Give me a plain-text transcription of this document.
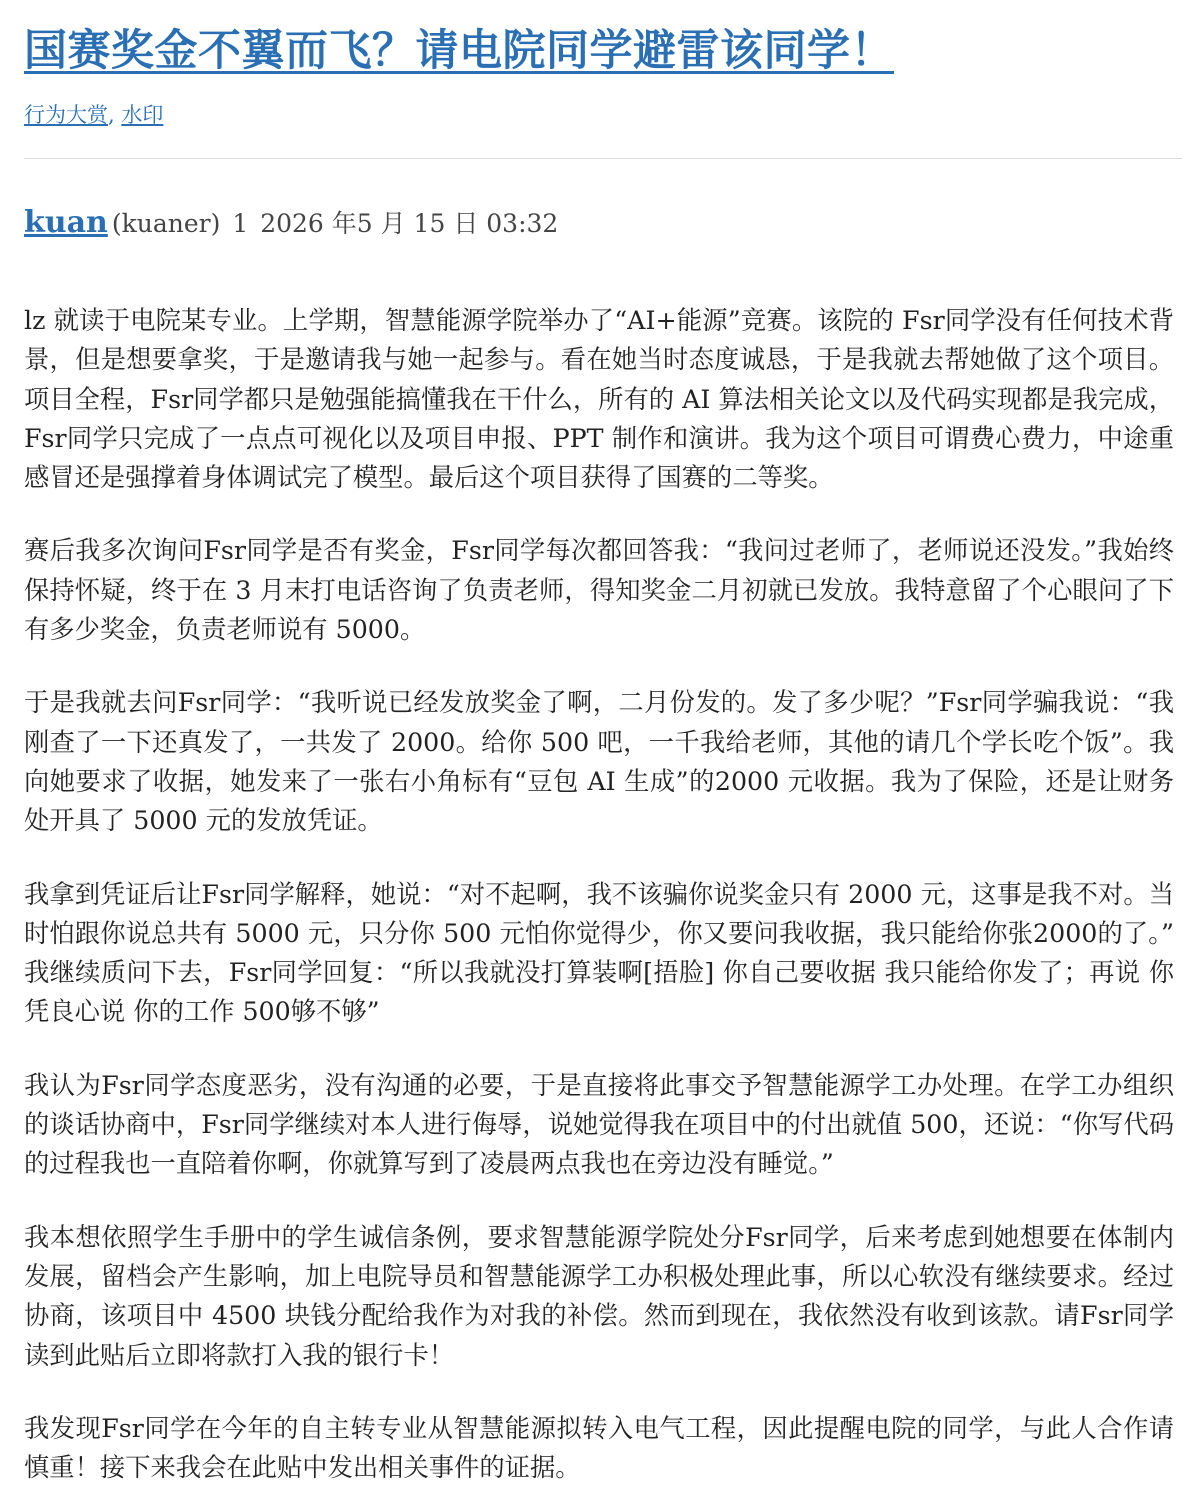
国赛奖金不翼而飞？请电院同学避雷该同学！
行为大赏, 水印
kuan (kuaner) 1 2026 年5 月 15 日 03:32

lz 就读于电院某专业。上学期，智慧能源学院举办了“AI+能源”竞赛。该院的 Fsr同学没有任何技术背景，但是想要拿奖，于是邀请我与她一起参与。看在她当时态度诚恳，于是我就去帮她做了这个项目。项目全程，Fsr同学都只是勉强能搞懂我在干什么，所有的 AI 算法相关论文以及代码实现都是我完成，Fsr同学只完成了一点点可视化以及项目申报、PPT 制作和演讲。我为这个项目可谓费心费力，中途重感冒还是强撑着身体调试完了模型。最后这个项目获得了国赛的二等奖。

赛后我多次询问Fsr同学是否有奖金，Fsr同学每次都回答我：“我问过老师了，老师说还没发。”我始终保持怀疑，终于在 3 月末打电话咨询了负责老师，得知奖金二月初就已发放。我特意留了个心眼问了下有多少奖金，负责老师说有 5000。

于是我就去问Fsr同学：“我听说已经发放奖金了啊，二月份发的。发了多少呢？”Fsr同学骗我说：“我刚查了一下还真发了，一共发了 2000。给你 500 吧，一千我给老师，其他的请几个学长吃个饭”。我向她要求了收据，她发来了一张右小角标有“豆包 AI 生成”的2000 元收据。我为了保险，还是让财务处开具了 5000 元的发放凭证。

我拿到凭证后让Fsr同学解释，她说：“对不起啊，我不该骗你说奖金只有 2000 元，这事是我不对。当时怕跟你说总共有 5000 元，只分你 500 元怕你觉得少，你又要问我收据，我只能给你张2000的了。” 我继续质问下去，Fsr同学回复：“所以我就没打算装啊[捂脸] 你自己要收据 我只能给你发了；再说 你凭良心说 你的工作 500够不够”

我认为Fsr同学态度恶劣，没有沟通的必要，于是直接将此事交予智慧能源学工办处理。在学工办组织的谈话协商中，Fsr同学继续对本人进行侮辱，说她觉得我在项目中的付出就值 500，还说：“你写代码的过程我也一直陪着你啊，你就算写到了凌晨两点我也在旁边没有睡觉。”

我本想依照学生手册中的学生诚信条例，要求智慧能源学院处分Fsr同学，后来考虑到她想要在体制内发展，留档会产生影响，加上电院导员和智慧能源学工办积极处理此事，所以心软没有继续要求。经过协商，该项目中 4500 块钱分配给我作为对我的补偿。然而到现在，我依然没有收到该款。请Fsr同学读到此贴后立即将款打入我的银行卡！

我发现Fsr同学在今年的自主转专业从智慧能源拟转入电气工程，因此提醒电院的同学，与此人合作请慎重！接下来我会在此贴中发出相关事件的证据。
